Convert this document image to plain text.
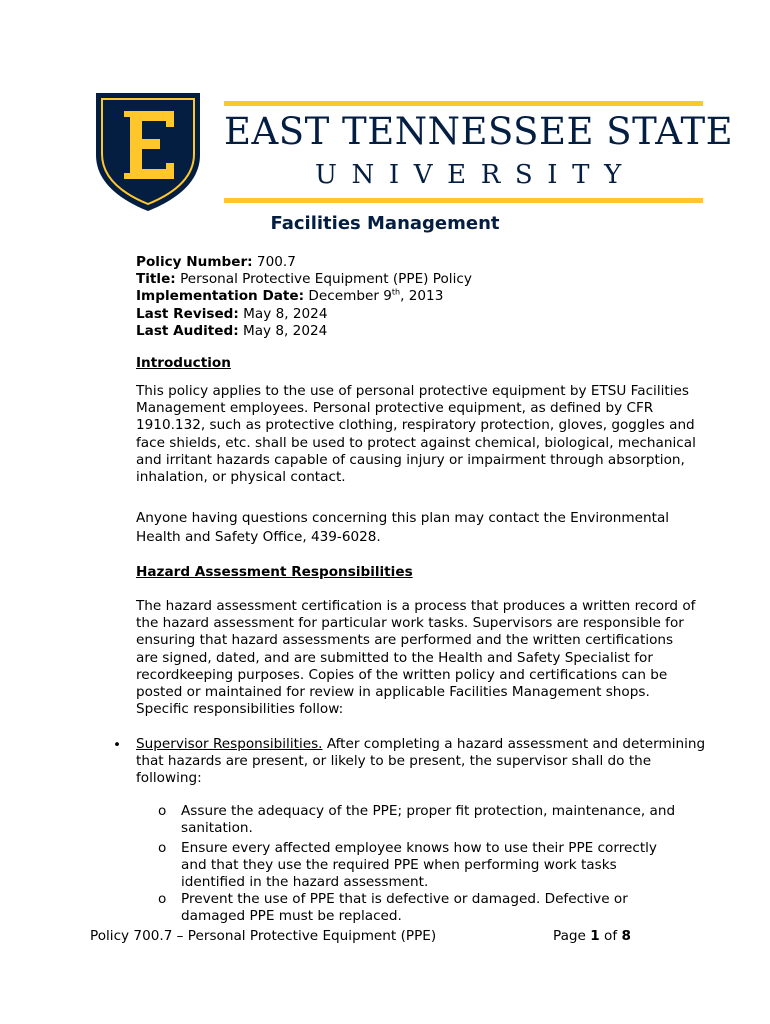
EAST TENNESSEE STATE
UNIVERSITY
Facilities Management
Policy Number: 700.7
Title: Personal Protective Equipment (PPE) Policy
Implementation Date: December 9th, 2013
Last Revised: May 8, 2024
Last Audited: May 8, 2024
Introduction
This policy applies to the use of personal protective equipment by ETSU Facilities Management employees. Personal protective equipment, as defined by CFR 1910.132, such as protective clothing, respiratory protection, gloves, goggles and face shields, etc. shall be used to protect against chemical, biological, mechanical and irritant hazards capable of causing injury or impairment through absorption, inhalation, or physical contact.
Anyone having questions concerning this plan may contact the Environmental Health and Safety Office, 439-6028.
Hazard Assessment Responsibilities
The hazard assessment certification is a process that produces a written record of the hazard assessment for particular work tasks. Supervisors are responsible for ensuring that hazard assessments are performed and the written certifications are signed, dated, and are submitted to the Health and Safety Specialist for recordkeeping purposes. Copies of the written policy and certifications can be posted or maintained for review in applicable Facilities Management shops. Specific responsibilities follow:
• Supervisor Responsibilities. After completing a hazard assessment and determining that hazards are present, or likely to be present, the supervisor shall do the following:
o Assure the adequacy of the PPE; proper fit protection, maintenance, and sanitation.
o Ensure every affected employee knows how to use their PPE correctly and that they use the required PPE when performing work tasks identified in the hazard assessment.
o Prevent the use of PPE that is defective or damaged. Defective or damaged PPE must be replaced.
Policy 700.7 – Personal Protective Equipment (PPE)	Page 1 of 8
